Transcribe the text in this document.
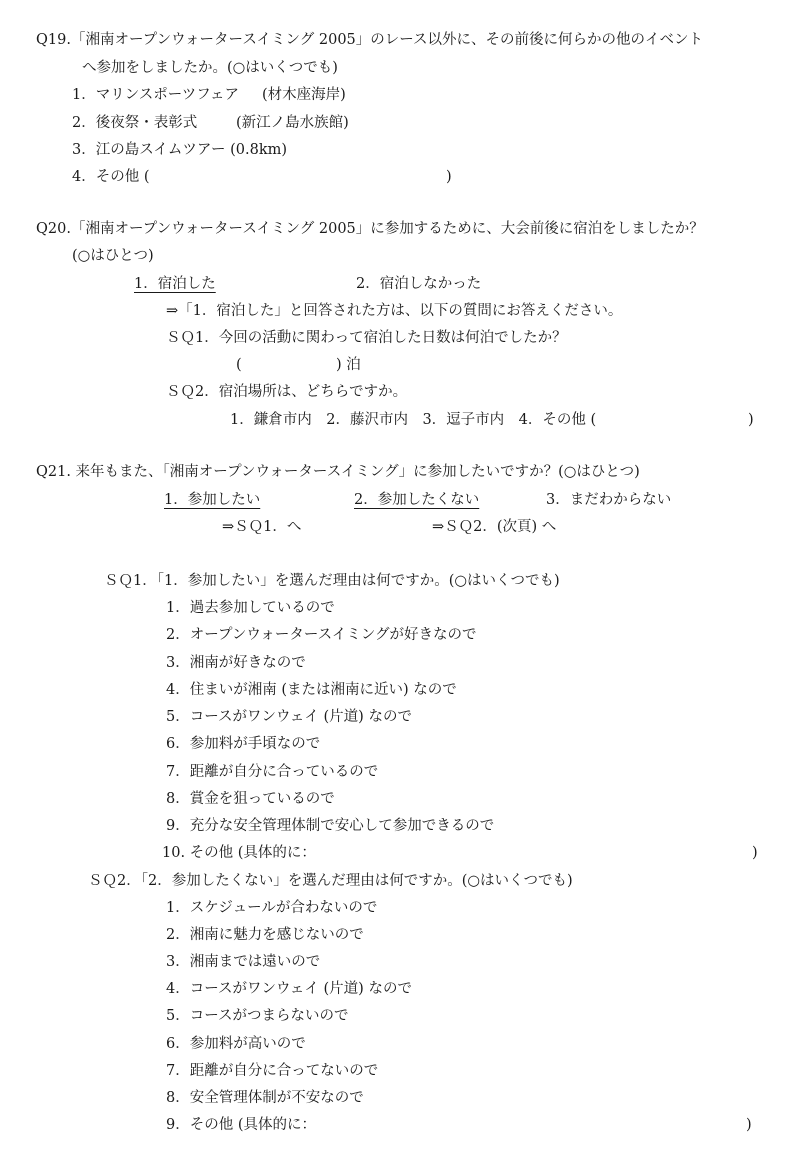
Q19.「湘南オープンウォータースイミング 2005」のレース以外に、その前後に何らかの他のイベント
へ参加をしましたか。(○はいくつでも)
1．マリンスポーツフェア (材木座海岸)
2．後夜祭・表彰式	(新江ノ島水族館)
3．江の島スイムツアー (0.8km)
4．その他 (	)
Q20.「湘南オープンウォータースイミング 2005」に参加するために、大会前後に宿泊をしましたか？
(○はひとつ)
1．宿泊した	2．宿泊しなかった
⇒「1．宿泊した」と回答された方は、以下の質問にお答えください。
ＳＱ1．今回の活動に関わって宿泊した日数は何泊でしたか？
(	) 泊
ＳＱ2．宿泊場所は、どちらですか。
1．鎌倉市内　2．藤沢市内　3．逗子市内　4．その他 (	)
Q21. 来年もまた、「湘南オープンウォータースイミング」に参加したいですか？(○はひとつ)
1．参加したい	2．参加したくない	3．まだわからない
⇒ＳＱ1．へ	⇒ＳＱ2．(次頁) へ
ＳＱ1．「1．参加したい」を選んだ理由は何ですか。(○はいくつでも)
1．過去参加しているので
2．オープンウォータースイミングが好きなので
3．湘南が好きなので
4．住まいが湘南 (または湘南に近い) なので
5．コースがワンウェイ (片道) なので
6．参加料が手頃なので
7．距離が自分に合っているので
8．賞金を狙っているので
9．充分な安全管理体制で安心して参加できるので
10. その他 (具体的に：	)
ＳＱ2．「2．参加したくない」を選んだ理由は何ですか。(○はいくつでも)
1．スケジュールが合わないので
2．湘南に魅力を感じないので
3．湘南までは遠いので
4．コースがワンウェイ (片道) なので
5．コースがつまらないので
6．参加料が高いので
7．距離が自分に合ってないので
8．安全管理体制が不安なので
9．その他 (具体的に：	)
